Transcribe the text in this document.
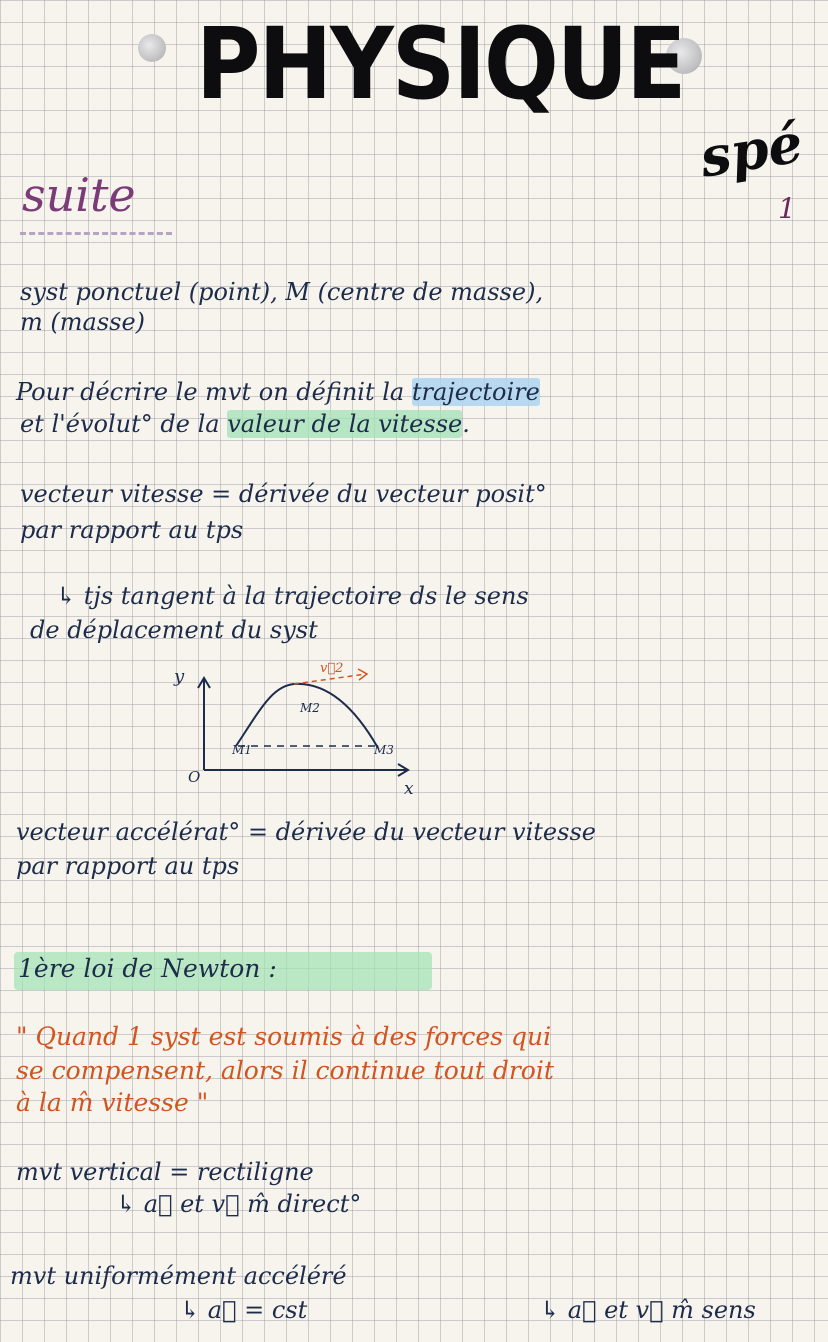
PHYSIQUE
spé
1
suite
syst ponctuel (point), M (centre de masse),
m (masse)
Pour décrire le mvt on définit la trajectoire
et l'évolut° de la valeur de la vitesse.
vecteur vitesse = dérivée du vecteur posit°
par rapport au tps
↳ tjs tangent à la trajectoire ds le sens
de déplacement du syst
y
x
O
M1
M2
M3
v⃗2
vecteur accélérat° = dérivée du vecteur vitesse
par rapport au tps
1ère loi de Newton :
" Quand 1 syst est soumis à des forces qui
se compensent, alors il continue tout droit
à la m̂ vitesse "
mvt vertical = rectiligne
↳ a⃗ et v⃗ m̂ direct°
mvt uniformément accéléré
↳ a⃗ = cst	↳ a⃗ et v⃗ m̂ sens
